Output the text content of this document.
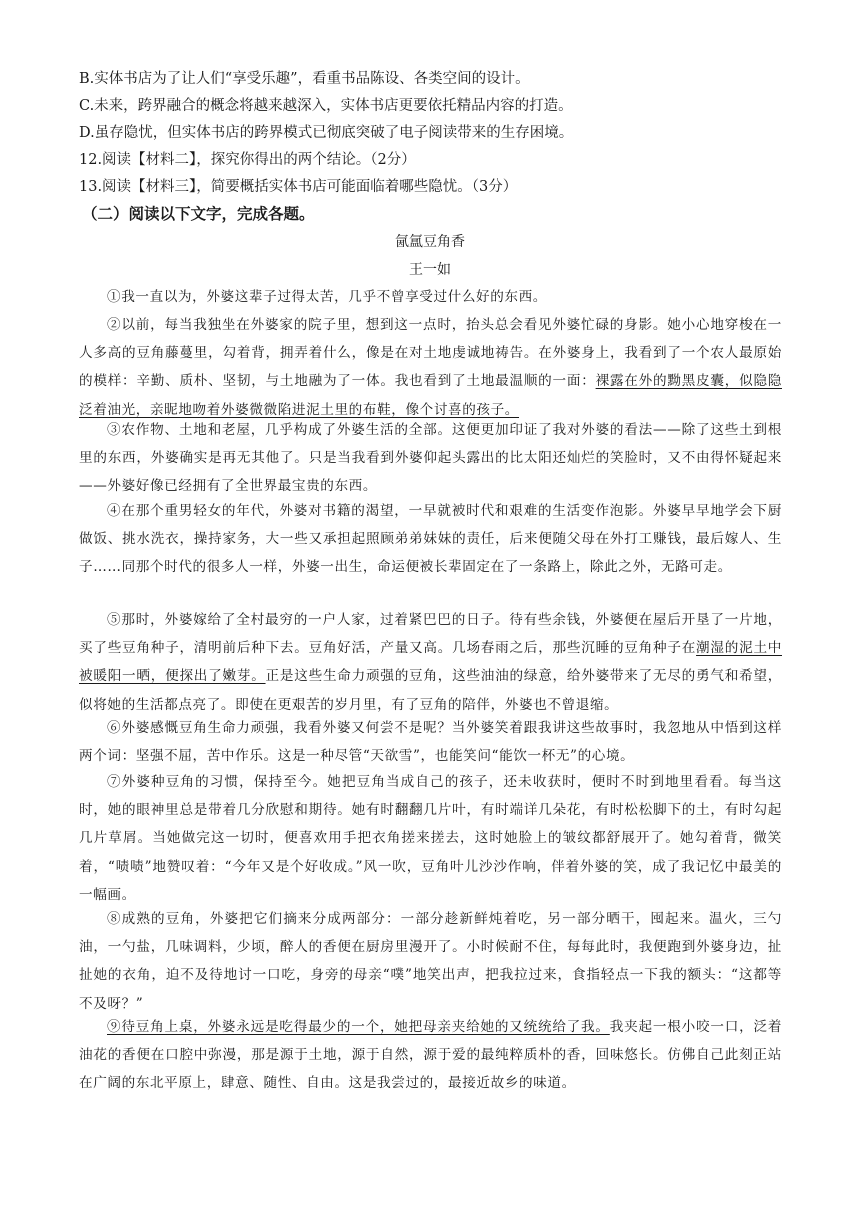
B.实体书店为了让人们“享受乐趣”，看重书品陈设、各类空间的设计。
C.未来，跨界融合的概念将越来越深入，实体书店更要依托精品内容的打造。
D.虽存隐忧，但实体书店的跨界模式已彻底突破了电子阅读带来的生存困境。
12.阅读【材料二】，探究你得出的两个结论。（2分）
13.阅读【材料三】，简要概括实体书店可能面临着哪些隐忧。（3分）
（二）阅读以下文字，完成各题。
氤氲豆角香
王一如
①我一直以为，外婆这辈子过得太苦，几乎不曾享受过什么好的东西。
②以前，每当我独坐在外婆家的院子里，想到这一点时，抬头总会看见外婆忙碌的身影。她小心地穿梭在一人多高的豆角藤蔓里，勾着背，拥弄着什么，像是在对土地虔诚地祷告。在外婆身上，我看到了一个农人最原始的模样：辛勤、质朴、坚韧，与土地融为了一体。我也看到了土地最温顺的一面：裸露在外的黝黑皮囊，似隐隐泛着油光，亲昵地吻着外婆微微陷进泥土里的布鞋，像个讨喜的孩子。
③农作物、土地和老屋，几乎构成了外婆生活的全部。这便更加印证了我对外婆的看法——除了这些土到根里的东西，外婆确实是再无其他了。只是当我看到外婆仰起头露出的比太阳还灿烂的笑脸时，又不由得怀疑起来——外婆好像已经拥有了全世界最宝贵的东西。
④在那个重男轻女的年代，外婆对书籍的渴望，一早就被时代和艰难的生活变作泡影。外婆早早地学会下厨做饭、挑水洗衣，操持家务，大一些又承担起照顾弟弟妹妹的责任，后来便随父母在外打工赚钱，最后嫁人、生子……同那个时代的很多人一样，外婆一出生，命运便被长辈固定在了一条路上，除此之外，无路可走。
⑤那时，外婆嫁给了全村最穷的一户人家，过着紧巴巴的日子。待有些余钱，外婆便在屋后开垦了一片地，买了些豆角种子，清明前后种下去。豆角好活，产量又高。几场春雨之后，那些沉睡的豆角种子在潮湿的泥土中被暖阳一晒，便探出了嫩芽。正是这些生命力顽强的豆角，这些油油的绿意，给外婆带来了无尽的勇气和希望，似将她的生活都点亮了。即使在更艰苦的岁月里，有了豆角的陪伴，外婆也不曾退缩。
⑥外婆感慨豆角生命力顽强，我看外婆又何尝不是呢？当外婆笑着跟我讲这些故事时，我忽地从中悟到这样两个词：坚强不屈，苦中作乐。这是一种尽管“天欲雪”，也能笑问“能饮一杯无”的心境。
⑦外婆种豆角的习惯，保持至今。她把豆角当成自己的孩子，还未收获时，便时不时到地里看看。每当这时，她的眼神里总是带着几分欣慰和期待。她有时翻翻几片叶，有时端详几朵花，有时松松脚下的土，有时勾起几片草屑。当她做完这一切时，便喜欢用手把衣角搓来搓去，这时她脸上的皱纹都舒展开了。她勾着背，微笑着，“啧啧”地赞叹着：“今年又是个好收成。”风一吹，豆角叶儿沙沙作响，伴着外婆的笑，成了我记忆中最美的一幅画。
⑧成熟的豆角，外婆把它们摘来分成两部分：一部分趁新鲜炖着吃，另一部分晒干，囤起来。温火，三勺油，一勺盐，几味调料，少顷，醉人的香便在厨房里漫开了。小时候耐不住，每每此时，我便跑到外婆身边，扯扯她的衣角，迫不及待地讨一口吃，身旁的母亲“噗”地笑出声，把我拉过来，食指轻点一下我的额头：“这都等不及呀？”
⑨待豆角上桌，外婆永远是吃得最少的一个，她把母亲夹给她的又统统给了我。我夹起一根小咬一口，泛着油花的香便在口腔中弥漫，那是源于土地，源于自然，源于爱的最纯粹质朴的香，回味悠长。仿佛自己此刻正站在广阔的东北平原上，肆意、随性、自由。这是我尝过的，最接近故乡的味道。
